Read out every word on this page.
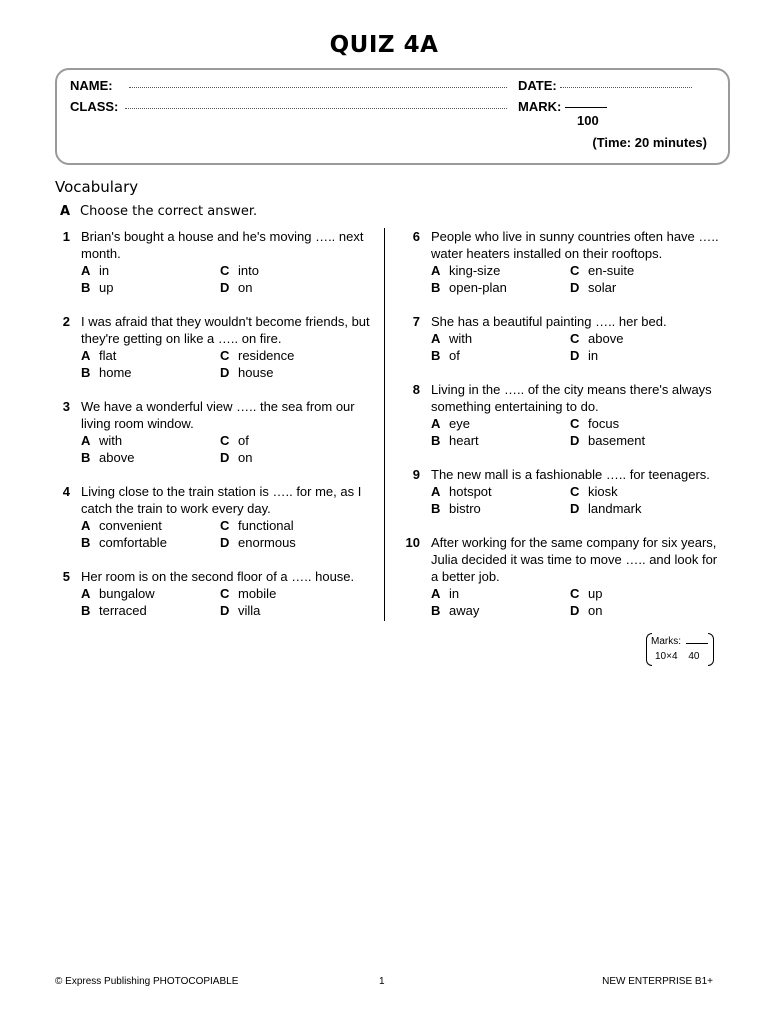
QUIZ 4A
NAME:	DATE:
CLASS:	MARK:
100
(Time: 20 minutes)
Vocabulary
A Choose the correct answer.
1 Brian's bought a house and he's moving ….. next month.
A in	C into
B up	D on
2 I was afraid that they wouldn't become friends, but they're getting on like a ….. on fire.
A flat	C residence
B home	D house
3 We have a wonderful view ….. the sea from our living room window.
A with	C of
B above	D on
4 Living close to the train station is ….. for me, as I catch the train to work every day.
A convenient	C functional
B comfortable	D enormous
5 Her room is on the second floor of a ….. house.
A bungalow	C mobile
B terraced	D villa
6 People who live in sunny countries often have ….. water heaters installed on their rooftops.
A king-size	C en-suite
B open-plan	D solar
7 She has a beautiful painting ….. her bed.
A with	C above
B of	D in
8 Living in the ….. of the city means there's always something entertaining to do.
A eye	C focus
B heart	D basement
9 The new mall is a fashionable ….. for teenagers.
A hotspot	C kiosk
B bistro	D landmark
10 After working for the same company for six years, Julia decided it was time to move ….. and look for a better job.
A in	C up
B away	D on
Marks:
10×4 40
© Express Publishing PHOTOCOPIABLE	1	NEW ENTERPRISE B1+
